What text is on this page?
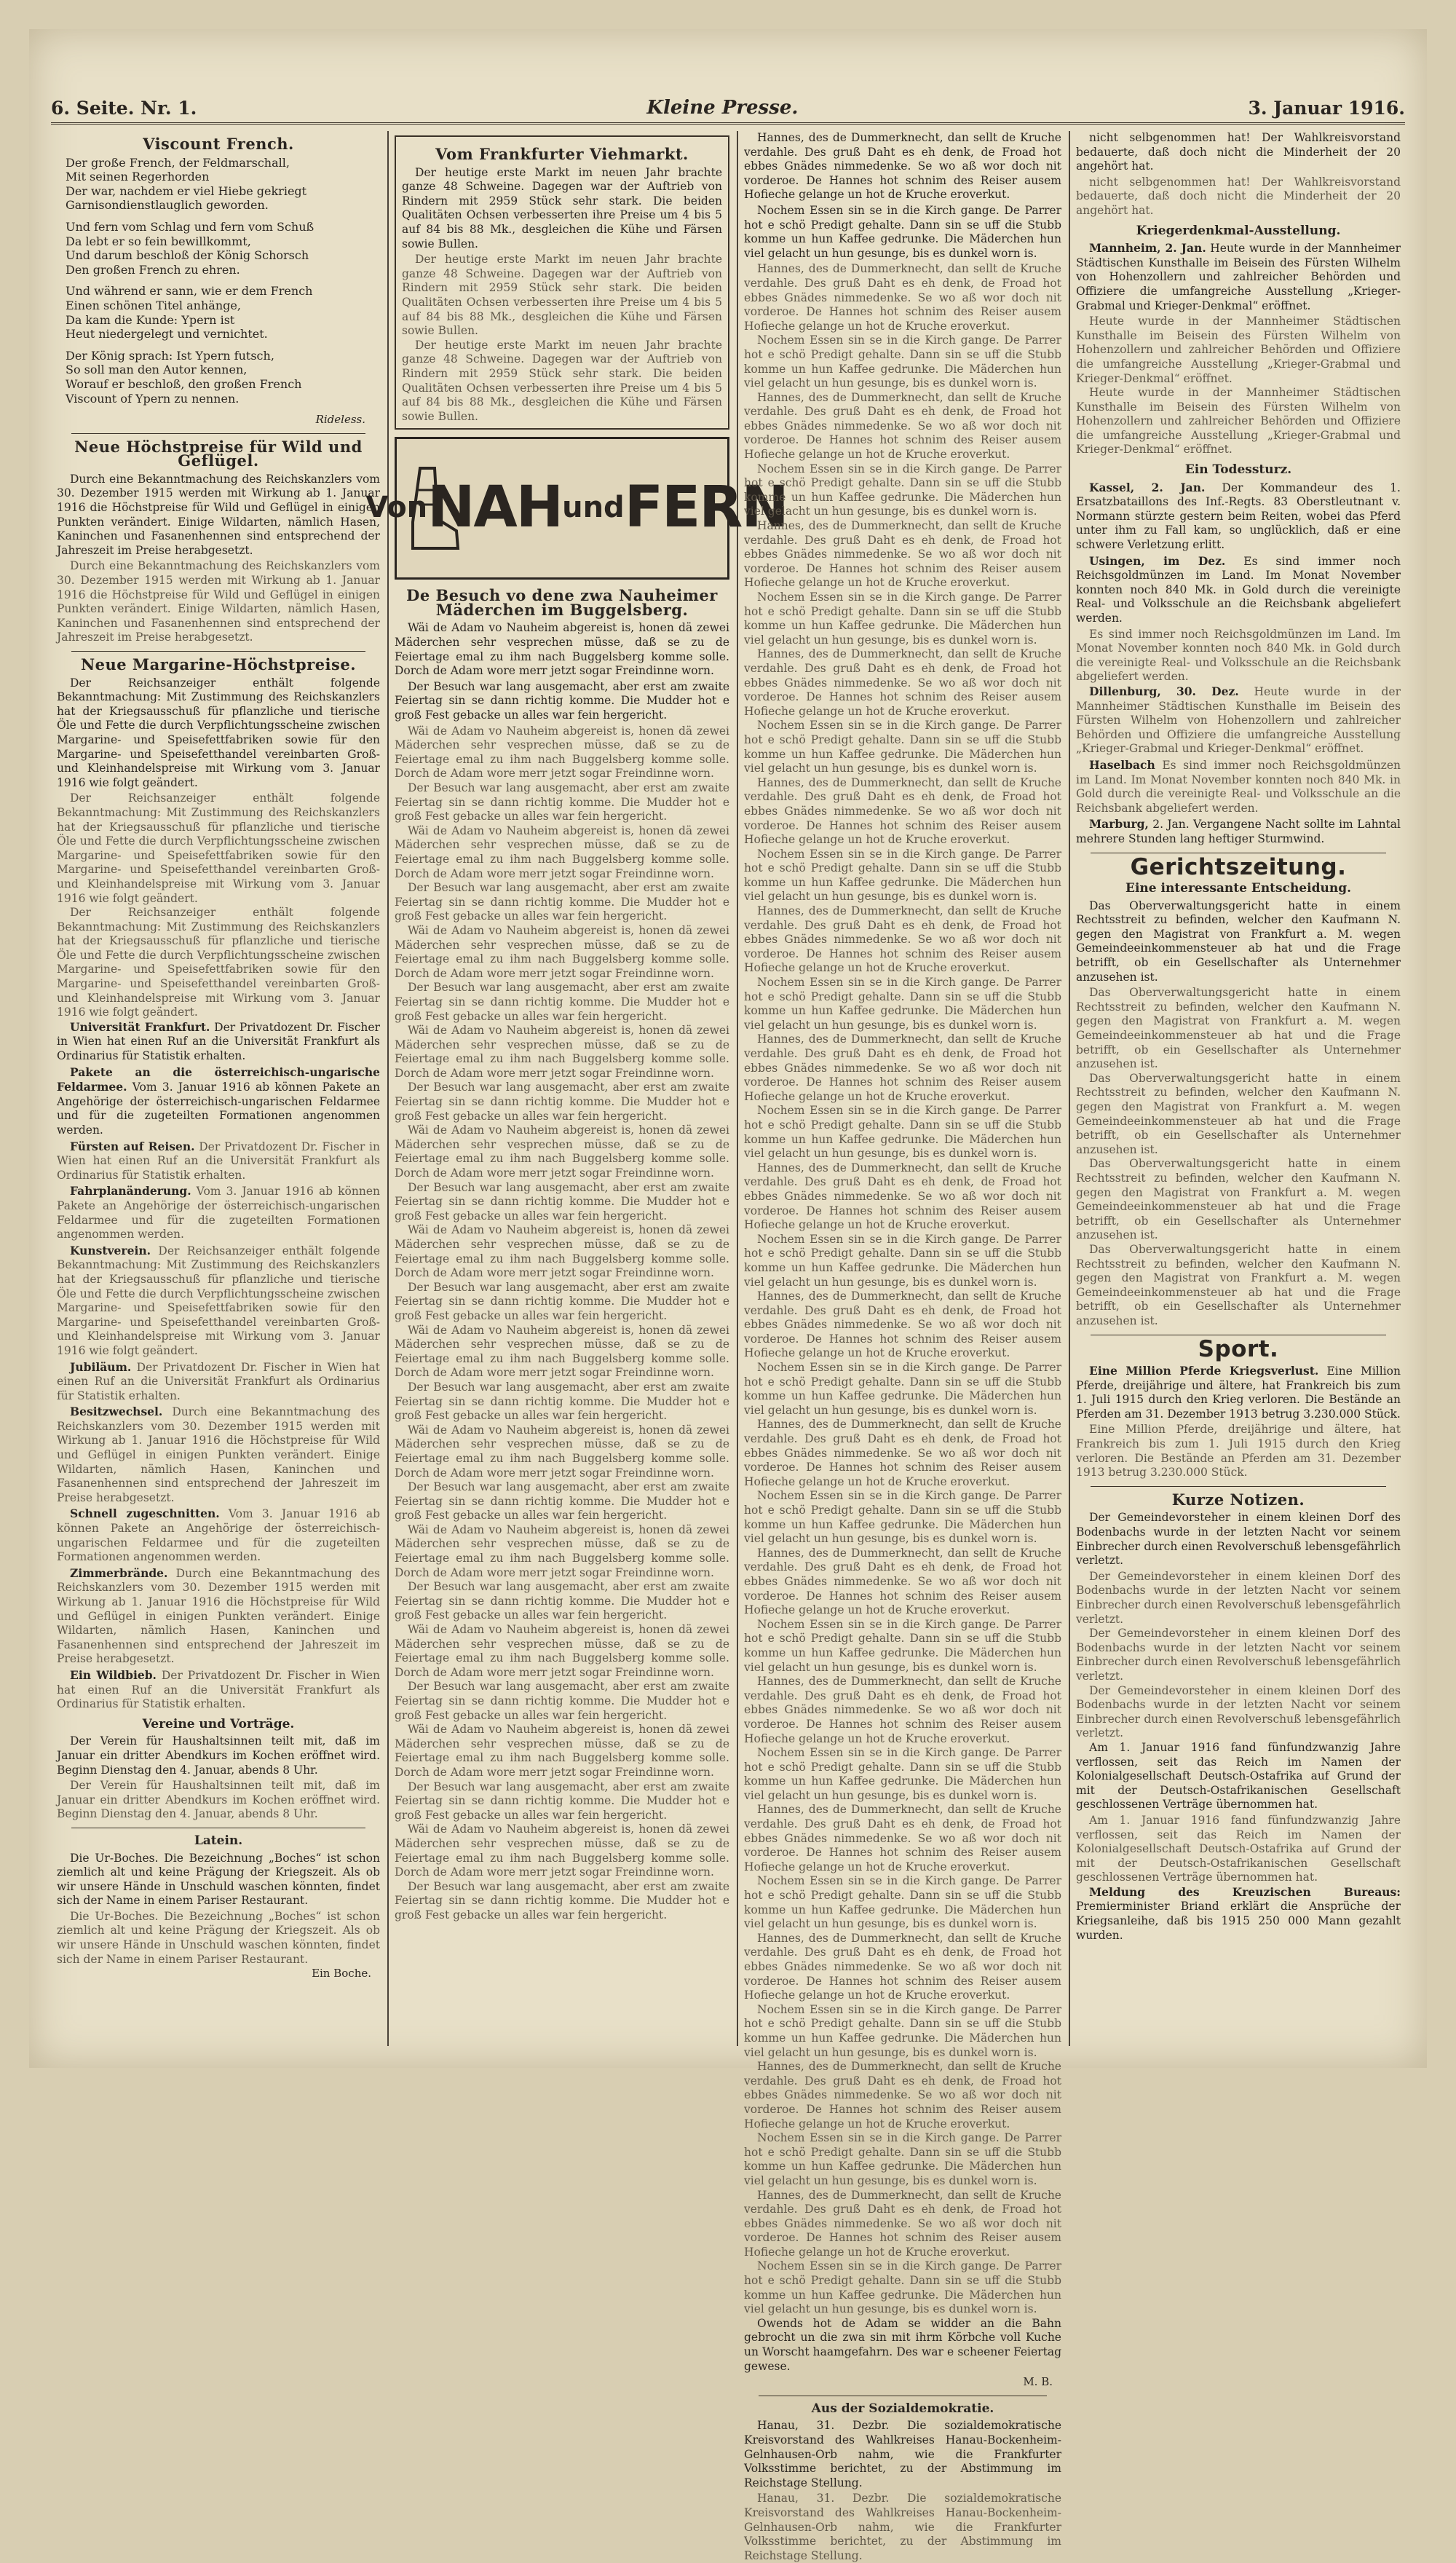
6. Seite. Nr. 1.	Kleine Presse.	3. Januar 1916.
Viscount French.

Der große French, der Feldmarschall,

Mit seinen Regerhorden

Der war, nachdem er viel Hiebe gekriegt

Garnisondienstlauglich geworden.

Und fern vom Schlag und fern vom Schuß

Da lebt er so fein bewillkommt,

Und darum beschloß der König Schorsch

Den großen French zu ehren.

Und während er sann, wie er dem French

Einen schönen Titel anhänge,

Da kam die Kunde: Ypern ist

Heut niedergelegt und vernichtet.

Der König sprach: Ist Ypern futsch,

So soll man den Autor kennen,

Worauf er beschloß, den großen French

Viscount of Ypern zu nennen.

Rideless.
Neue Höchstpreise für Wild und Geflügel.

Durch eine Bekanntmachung des Reichskanzlers vom 30. Dezember 1915 werden mit Wirkung ab 1. Januar 1916 die Höchstpreise für Wild und Geflügel in einigen Punkten verändert. Einige Wildarten, nämlich Hasen, Kaninchen und Fasanenhennen sind entsprechend der Jahreszeit im Preise herabgesetzt.

Durch eine Bekanntmachung des Reichskanzlers vom 30. Dezember 1915 werden mit Wirkung ab 1. Januar 1916 die Höchstpreise für Wild und Geflügel in einigen Punkten verändert. Einige Wildarten, nämlich Hasen, Kaninchen und Fasanenhennen sind entsprechend der Jahreszeit im Preise herabgesetzt.

Neue Margarine-Höchstpreise.

Der Reichsanzeiger enthält folgende Bekanntmachung: Mit Zustimmung des Reichskanzlers hat der Kriegsausschuß für pflanzliche und tierische Öle und Fette die durch Verpflichtungsscheine zwischen Margarine- und Speisefettfabriken sowie für den Margarine- und Speisefetthandel vereinbarten Groß- und Kleinhandelspreise mit Wirkung vom 3. Januar 1916 wie folgt geändert.

Der Reichsanzeiger enthält folgende Bekanntmachung: Mit Zustimmung des Reichskanzlers hat der Kriegsausschuß für pflanzliche und tierische Öle und Fette die durch Verpflichtungsscheine zwischen Margarine- und Speisefettfabriken sowie für den Margarine- und Speisefetthandel vereinbarten Groß- und Kleinhandelspreise mit Wirkung vom 3. Januar 1916 wie folgt geändert.

Der Reichsanzeiger enthält folgende Bekanntmachung: Mit Zustimmung des Reichskanzlers hat der Kriegsausschuß für pflanzliche und tierische Öle und Fette die durch Verpflichtungsscheine zwischen Margarine- und Speisefettfabriken sowie für den Margarine- und Speisefetthandel vereinbarten Groß- und Kleinhandelspreise mit Wirkung vom 3. Januar 1916 wie folgt geändert.

Universität Frankfurt. Der Privatdozent Dr. Fischer in Wien hat einen Ruf an die Universität Frankfurt als Ordinarius für Statistik erhalten.

Pakete an die österreichisch-ungarische Feldarmee. Vom 3. Januar 1916 ab können Pakete an Angehörige der österreichisch-ungarischen Feldarmee und für die zugeteilten Formationen angenommen werden.

Fürsten auf Reisen. Der Privatdozent Dr. Fischer in Wien hat einen Ruf an die Universität Frankfurt als Ordinarius für Statistik erhalten.

Fahrplanänderung. Vom 3. Januar 1916 ab können Pakete an Angehörige der österreichisch-ungarischen Feldarmee und für die zugeteilten Formationen angenommen werden.

Kunstverein. Der Reichsanzeiger enthält folgende Bekanntmachung: Mit Zustimmung des Reichskanzlers hat der Kriegsausschuß für pflanzliche und tierische Öle und Fette die durch Verpflichtungsscheine zwischen Margarine- und Speisefettfabriken sowie für den Margarine- und Speisefetthandel vereinbarten Groß- und Kleinhandelspreise mit Wirkung vom 3. Januar 1916 wie folgt geändert.

Jubiläum. Der Privatdozent Dr. Fischer in Wien hat einen Ruf an die Universität Frankfurt als Ordinarius für Statistik erhalten.

Besitzwechsel. Durch eine Bekanntmachung des Reichskanzlers vom 30. Dezember 1915 werden mit Wirkung ab 1. Januar 1916 die Höchstpreise für Wild und Geflügel in einigen Punkten verändert. Einige Wildarten, nämlich Hasen, Kaninchen und Fasanenhennen sind entsprechend der Jahreszeit im Preise herabgesetzt.

Schnell zugeschnitten. Vom 3. Januar 1916 ab können Pakete an Angehörige der österreichisch-ungarischen Feldarmee und für die zugeteilten Formationen angenommen werden.

Zimmerbrände. Durch eine Bekanntmachung des Reichskanzlers vom 30. Dezember 1915 werden mit Wirkung ab 1. Januar 1916 die Höchstpreise für Wild und Geflügel in einigen Punkten verändert. Einige Wildarten, nämlich Hasen, Kaninchen und Fasanenhennen sind entsprechend der Jahreszeit im Preise herabgesetzt.

Ein Wildbieb. Der Privatdozent Dr. Fischer in Wien hat einen Ruf an die Universität Frankfurt als Ordinarius für Statistik erhalten.

Vereine und Vorträge.

Der Verein für Haushaltsinnen teilt mit, daß im Januar ein dritter Abendkurs im Kochen eröffnet wird. Beginn Dienstag den 4. Januar, abends 8 Uhr.

Der Verein für Haushaltsinnen teilt mit, daß im Januar ein dritter Abendkurs im Kochen eröffnet wird. Beginn Dienstag den 4. Januar, abends 8 Uhr.

Latein.

Die Ur-Boches. Die Bezeichnung „Boches“ ist schon ziemlich alt und keine Prägung der Kriegszeit. Als ob wir unsere Hände in Unschuld waschen könnten, findet sich der Name in einem Pariser Restaurant.

Die Ur-Boches. Die Bezeichnung „Boches“ ist schon ziemlich alt und keine Prägung der Kriegszeit. Als ob wir unsere Hände in Unschuld waschen könnten, findet sich der Name in einem Pariser Restaurant.

Ein Boche.
Vom Frankfurter Viehmarkt.

Der heutige erste Markt im neuen Jahr brachte ganze 48 Schweine. Dagegen war der Auftrieb von Rindern mit 2959 Stück sehr stark. Die beiden Qualitäten Ochsen verbesserten ihre Preise um 4 bis 5 auf 84 bis 88 Mk., desgleichen die Kühe und Färsen sowie Bullen.

Der heutige erste Markt im neuen Jahr brachte ganze 48 Schweine. Dagegen war der Auftrieb von Rindern mit 2959 Stück sehr stark. Die beiden Qualitäten Ochsen verbesserten ihre Preise um 4 bis 5 auf 84 bis 88 Mk., desgleichen die Kühe und Färsen sowie Bullen.

Der heutige erste Markt im neuen Jahr brachte ganze 48 Schweine. Dagegen war der Auftrieb von Rindern mit 2959 Stück sehr stark. Die beiden Qualitäten Ochsen verbesserten ihre Preise um 4 bis 5 auf 84 bis 88 Mk., desgleichen die Kühe und Färsen sowie Bullen.

Von NAH und FERN
De Besuch vo dene zwa Nauheimer Mäderchen im Buggelsberg.

Wäi de Adam vo Nauheim abgereist is, honen dä zewei Mäderchen sehr vesprechen müsse, daß se zu de Feiertage emal zu ihm nach Buggelsberg komme solle. Dorch de Adam wore merr jetzt sogar Freindinne worn.

Der Besuch war lang ausgemacht, aber erst am zwaite Feiertag sin se dann richtig komme. Die Mudder hot e groß Fest gebacke un alles war fein hergericht.

Wäi de Adam vo Nauheim abgereist is, honen dä zewei Mäderchen sehr vesprechen müsse, daß se zu de Feiertage emal zu ihm nach Buggelsberg komme solle. Dorch de Adam wore merr jetzt sogar Freindinne worn.

Der Besuch war lang ausgemacht, aber erst am zwaite Feiertag sin se dann richtig komme. Die Mudder hot e groß Fest gebacke un alles war fein hergericht.

Wäi de Adam vo Nauheim abgereist is, honen dä zewei Mäderchen sehr vesprechen müsse, daß se zu de Feiertage emal zu ihm nach Buggelsberg komme solle. Dorch de Adam wore merr jetzt sogar Freindinne worn.

Der Besuch war lang ausgemacht, aber erst am zwaite Feiertag sin se dann richtig komme. Die Mudder hot e groß Fest gebacke un alles war fein hergericht.

Wäi de Adam vo Nauheim abgereist is, honen dä zewei Mäderchen sehr vesprechen müsse, daß se zu de Feiertage emal zu ihm nach Buggelsberg komme solle. Dorch de Adam wore merr jetzt sogar Freindinne worn.

Der Besuch war lang ausgemacht, aber erst am zwaite Feiertag sin se dann richtig komme. Die Mudder hot e groß Fest gebacke un alles war fein hergericht.

Wäi de Adam vo Nauheim abgereist is, honen dä zewei Mäderchen sehr vesprechen müsse, daß se zu de Feiertage emal zu ihm nach Buggelsberg komme solle. Dorch de Adam wore merr jetzt sogar Freindinne worn.

Der Besuch war lang ausgemacht, aber erst am zwaite Feiertag sin se dann richtig komme. Die Mudder hot e groß Fest gebacke un alles war fein hergericht.

Wäi de Adam vo Nauheim abgereist is, honen dä zewei Mäderchen sehr vesprechen müsse, daß se zu de Feiertage emal zu ihm nach Buggelsberg komme solle. Dorch de Adam wore merr jetzt sogar Freindinne worn.

Der Besuch war lang ausgemacht, aber erst am zwaite Feiertag sin se dann richtig komme. Die Mudder hot e groß Fest gebacke un alles war fein hergericht.

Wäi de Adam vo Nauheim abgereist is, honen dä zewei Mäderchen sehr vesprechen müsse, daß se zu de Feiertage emal zu ihm nach Buggelsberg komme solle. Dorch de Adam wore merr jetzt sogar Freindinne worn.

Der Besuch war lang ausgemacht, aber erst am zwaite Feiertag sin se dann richtig komme. Die Mudder hot e groß Fest gebacke un alles war fein hergericht.

Wäi de Adam vo Nauheim abgereist is, honen dä zewei Mäderchen sehr vesprechen müsse, daß se zu de Feiertage emal zu ihm nach Buggelsberg komme solle. Dorch de Adam wore merr jetzt sogar Freindinne worn.

Der Besuch war lang ausgemacht, aber erst am zwaite Feiertag sin se dann richtig komme. Die Mudder hot e groß Fest gebacke un alles war fein hergericht.

Wäi de Adam vo Nauheim abgereist is, honen dä zewei Mäderchen sehr vesprechen müsse, daß se zu de Feiertage emal zu ihm nach Buggelsberg komme solle. Dorch de Adam wore merr jetzt sogar Freindinne worn.

Der Besuch war lang ausgemacht, aber erst am zwaite Feiertag sin se dann richtig komme. Die Mudder hot e groß Fest gebacke un alles war fein hergericht.

Wäi de Adam vo Nauheim abgereist is, honen dä zewei Mäderchen sehr vesprechen müsse, daß se zu de Feiertage emal zu ihm nach Buggelsberg komme solle. Dorch de Adam wore merr jetzt sogar Freindinne worn.

Der Besuch war lang ausgemacht, aber erst am zwaite Feiertag sin se dann richtig komme. Die Mudder hot e groß Fest gebacke un alles war fein hergericht.

Wäi de Adam vo Nauheim abgereist is, honen dä zewei Mäderchen sehr vesprechen müsse, daß se zu de Feiertage emal zu ihm nach Buggelsberg komme solle. Dorch de Adam wore merr jetzt sogar Freindinne worn.

Der Besuch war lang ausgemacht, aber erst am zwaite Feiertag sin se dann richtig komme. Die Mudder hot e groß Fest gebacke un alles war fein hergericht.

Wäi de Adam vo Nauheim abgereist is, honen dä zewei Mäderchen sehr vesprechen müsse, daß se zu de Feiertage emal zu ihm nach Buggelsberg komme solle. Dorch de Adam wore merr jetzt sogar Freindinne worn.

Der Besuch war lang ausgemacht, aber erst am zwaite Feiertag sin se dann richtig komme. Die Mudder hot e groß Fest gebacke un alles war fein hergericht.

Wäi de Adam vo Nauheim abgereist is, honen dä zewei Mäderchen sehr vesprechen müsse, daß se zu de Feiertage emal zu ihm nach Buggelsberg komme solle. Dorch de Adam wore merr jetzt sogar Freindinne worn.

Der Besuch war lang ausgemacht, aber erst am zwaite Feiertag sin se dann richtig komme. Die Mudder hot e groß Fest gebacke un alles war fein hergericht.

Hannes, des de Dummerknecht, dan sellt de Kruche verdahle. Des gruß Daht es eh denk, de Froad hot ebbes Gnädes nimmedenke. Se wo aß wor doch nit vorderoe. De Hannes hot schnim des Reiser ausem Hofieche gelange un hot de Kruche eroverkut.

Nochem Essen sin se in die Kirch gange. De Parrer hot e schö Predigt gehalte. Dann sin se uff die Stubb komme un hun Kaffee gedrunke. Die Mäderchen hun viel gelacht un hun gesunge, bis es dunkel worn is.

Hannes, des de Dummerknecht, dan sellt de Kruche verdahle. Des gruß Daht es eh denk, de Froad hot ebbes Gnädes nimmedenke. Se wo aß wor doch nit vorderoe. De Hannes hot schnim des Reiser ausem Hofieche gelange un hot de Kruche eroverkut.

Nochem Essen sin se in die Kirch gange. De Parrer hot e schö Predigt gehalte. Dann sin se uff die Stubb komme un hun Kaffee gedrunke. Die Mäderchen hun viel gelacht un hun gesunge, bis es dunkel worn is.

Hannes, des de Dummerknecht, dan sellt de Kruche verdahle. Des gruß Daht es eh denk, de Froad hot ebbes Gnädes nimmedenke. Se wo aß wor doch nit vorderoe. De Hannes hot schnim des Reiser ausem Hofieche gelange un hot de Kruche eroverkut.

Nochem Essen sin se in die Kirch gange. De Parrer hot e schö Predigt gehalte. Dann sin se uff die Stubb komme un hun Kaffee gedrunke. Die Mäderchen hun viel gelacht un hun gesunge, bis es dunkel worn is.

Hannes, des de Dummerknecht, dan sellt de Kruche verdahle. Des gruß Daht es eh denk, de Froad hot ebbes Gnädes nimmedenke. Se wo aß wor doch nit vorderoe. De Hannes hot schnim des Reiser ausem Hofieche gelange un hot de Kruche eroverkut.

Nochem Essen sin se in die Kirch gange. De Parrer hot e schö Predigt gehalte. Dann sin se uff die Stubb komme un hun Kaffee gedrunke. Die Mäderchen hun viel gelacht un hun gesunge, bis es dunkel worn is.

Hannes, des de Dummerknecht, dan sellt de Kruche verdahle. Des gruß Daht es eh denk, de Froad hot ebbes Gnädes nimmedenke. Se wo aß wor doch nit vorderoe. De Hannes hot schnim des Reiser ausem Hofieche gelange un hot de Kruche eroverkut.

Nochem Essen sin se in die Kirch gange. De Parrer hot e schö Predigt gehalte. Dann sin se uff die Stubb komme un hun Kaffee gedrunke. Die Mäderchen hun viel gelacht un hun gesunge, bis es dunkel worn is.

Hannes, des de Dummerknecht, dan sellt de Kruche verdahle. Des gruß Daht es eh denk, de Froad hot ebbes Gnädes nimmedenke. Se wo aß wor doch nit vorderoe. De Hannes hot schnim des Reiser ausem Hofieche gelange un hot de Kruche eroverkut.

Nochem Essen sin se in die Kirch gange. De Parrer hot e schö Predigt gehalte. Dann sin se uff die Stubb komme un hun Kaffee gedrunke. Die Mäderchen hun viel gelacht un hun gesunge, bis es dunkel worn is.

Hannes, des de Dummerknecht, dan sellt de Kruche verdahle. Des gruß Daht es eh denk, de Froad hot ebbes Gnädes nimmedenke. Se wo aß wor doch nit vorderoe. De Hannes hot schnim des Reiser ausem Hofieche gelange un hot de Kruche eroverkut.

Nochem Essen sin se in die Kirch gange. De Parrer hot e schö Predigt gehalte. Dann sin se uff die Stubb komme un hun Kaffee gedrunke. Die Mäderchen hun viel gelacht un hun gesunge, bis es dunkel worn is.

Hannes, des de Dummerknecht, dan sellt de Kruche verdahle. Des gruß Daht es eh denk, de Froad hot ebbes Gnädes nimmedenke. Se wo aß wor doch nit vorderoe. De Hannes hot schnim des Reiser ausem Hofieche gelange un hot de Kruche eroverkut.

Nochem Essen sin se in die Kirch gange. De Parrer hot e schö Predigt gehalte. Dann sin se uff die Stubb komme un hun Kaffee gedrunke. Die Mäderchen hun viel gelacht un hun gesunge, bis es dunkel worn is.

Hannes, des de Dummerknecht, dan sellt de Kruche verdahle. Des gruß Daht es eh denk, de Froad hot ebbes Gnädes nimmedenke. Se wo aß wor doch nit vorderoe. De Hannes hot schnim des Reiser ausem Hofieche gelange un hot de Kruche eroverkut.

Nochem Essen sin se in die Kirch gange. De Parrer hot e schö Predigt gehalte. Dann sin se uff die Stubb komme un hun Kaffee gedrunke. Die Mäderchen hun viel gelacht un hun gesunge, bis es dunkel worn is.

Hannes, des de Dummerknecht, dan sellt de Kruche verdahle. Des gruß Daht es eh denk, de Froad hot ebbes Gnädes nimmedenke. Se wo aß wor doch nit vorderoe. De Hannes hot schnim des Reiser ausem Hofieche gelange un hot de Kruche eroverkut.

Nochem Essen sin se in die Kirch gange. De Parrer hot e schö Predigt gehalte. Dann sin se uff die Stubb komme un hun Kaffee gedrunke. Die Mäderchen hun viel gelacht un hun gesunge, bis es dunkel worn is.

Hannes, des de Dummerknecht, dan sellt de Kruche verdahle. Des gruß Daht es eh denk, de Froad hot ebbes Gnädes nimmedenke. Se wo aß wor doch nit vorderoe. De Hannes hot schnim des Reiser ausem Hofieche gelange un hot de Kruche eroverkut.

Nochem Essen sin se in die Kirch gange. De Parrer hot e schö Predigt gehalte. Dann sin se uff die Stubb komme un hun Kaffee gedrunke. Die Mäderchen hun viel gelacht un hun gesunge, bis es dunkel worn is.

Hannes, des de Dummerknecht, dan sellt de Kruche verdahle. Des gruß Daht es eh denk, de Froad hot ebbes Gnädes nimmedenke. Se wo aß wor doch nit vorderoe. De Hannes hot schnim des Reiser ausem Hofieche gelange un hot de Kruche eroverkut.

Nochem Essen sin se in die Kirch gange. De Parrer hot e schö Predigt gehalte. Dann sin se uff die Stubb komme un hun Kaffee gedrunke. Die Mäderchen hun viel gelacht un hun gesunge, bis es dunkel worn is.

Hannes, des de Dummerknecht, dan sellt de Kruche verdahle. Des gruß Daht es eh denk, de Froad hot ebbes Gnädes nimmedenke. Se wo aß wor doch nit vorderoe. De Hannes hot schnim des Reiser ausem Hofieche gelange un hot de Kruche eroverkut.

Nochem Essen sin se in die Kirch gange. De Parrer hot e schö Predigt gehalte. Dann sin se uff die Stubb komme un hun Kaffee gedrunke. Die Mäderchen hun viel gelacht un hun gesunge, bis es dunkel worn is.

Hannes, des de Dummerknecht, dan sellt de Kruche verdahle. Des gruß Daht es eh denk, de Froad hot ebbes Gnädes nimmedenke. Se wo aß wor doch nit vorderoe. De Hannes hot schnim des Reiser ausem Hofieche gelange un hot de Kruche eroverkut.

Nochem Essen sin se in die Kirch gange. De Parrer hot e schö Predigt gehalte. Dann sin se uff die Stubb komme un hun Kaffee gedrunke. Die Mäderchen hun viel gelacht un hun gesunge, bis es dunkel worn is.

Hannes, des de Dummerknecht, dan sellt de Kruche verdahle. Des gruß Daht es eh denk, de Froad hot ebbes Gnädes nimmedenke. Se wo aß wor doch nit vorderoe. De Hannes hot schnim des Reiser ausem Hofieche gelange un hot de Kruche eroverkut.

Nochem Essen sin se in die Kirch gange. De Parrer hot e schö Predigt gehalte. Dann sin se uff die Stubb komme un hun Kaffee gedrunke. Die Mäderchen hun viel gelacht un hun gesunge, bis es dunkel worn is.

Hannes, des de Dummerknecht, dan sellt de Kruche verdahle. Des gruß Daht es eh denk, de Froad hot ebbes Gnädes nimmedenke. Se wo aß wor doch nit vorderoe. De Hannes hot schnim des Reiser ausem Hofieche gelange un hot de Kruche eroverkut.

Nochem Essen sin se in die Kirch gange. De Parrer hot e schö Predigt gehalte. Dann sin se uff die Stubb komme un hun Kaffee gedrunke. Die Mäderchen hun viel gelacht un hun gesunge, bis es dunkel worn is.

Hannes, des de Dummerknecht, dan sellt de Kruche verdahle. Des gruß Daht es eh denk, de Froad hot ebbes Gnädes nimmedenke. Se wo aß wor doch nit vorderoe. De Hannes hot schnim des Reiser ausem Hofieche gelange un hot de Kruche eroverkut.

Nochem Essen sin se in die Kirch gange. De Parrer hot e schö Predigt gehalte. Dann sin se uff die Stubb komme un hun Kaffee gedrunke. Die Mäderchen hun viel gelacht un hun gesunge, bis es dunkel worn is.

Owends hot de Adam se widder an die Bahn gebrocht un die zwa sin mit ihrm Körbche voll Kuche un Worscht haamgefahrn. Des war e scheener Feiertag gewese.

M. B.
Aus der Sozialdemokratie.

Hanau, 31. Dezbr. Die sozialdemokratische Kreisvorstand des Wahlkreises Hanau-Bockenheim-Gelnhausen-Orb nahm, wie die Frankfurter Volksstimme berichtet, zu der Abstimmung im Reichstage Stellung.

Hanau, 31. Dezbr. Die sozialdemokratische Kreisvorstand des Wahlkreises Hanau-Bockenheim-Gelnhausen-Orb nahm, wie die Frankfurter Volksstimme berichtet, zu der Abstimmung im Reichstage Stellung.

nicht selbgenommen hat! Der Wahlkreisvorstand bedauerte, daß doch nicht die Minderheit der 20 angehört hat.

nicht selbgenommen hat! Der Wahlkreisvorstand bedauerte, daß doch nicht die Minderheit der 20 angehört hat.

Kriegerdenkmal-Ausstellung.

Mannheim, 2. Jan. Heute wurde in der Mannheimer Städtischen Kunsthalle im Beisein des Fürsten Wilhelm von Hohenzollern und zahlreicher Behörden und Offiziere die umfangreiche Ausstellung „Krieger-Grabmal und Krieger-Denkmal“ eröffnet.

Heute wurde in der Mannheimer Städtischen Kunsthalle im Beisein des Fürsten Wilhelm von Hohenzollern und zahlreicher Behörden und Offiziere die umfangreiche Ausstellung „Krieger-Grabmal und Krieger-Denkmal“ eröffnet.

Heute wurde in der Mannheimer Städtischen Kunsthalle im Beisein des Fürsten Wilhelm von Hohenzollern und zahlreicher Behörden und Offiziere die umfangreiche Ausstellung „Krieger-Grabmal und Krieger-Denkmal“ eröffnet.

Ein Todessturz.

Kassel, 2. Jan. Der Kommandeur des 1. Ersatzbataillons des Inf.-Regts. 83 Oberstleutnant v. Normann stürzte gestern beim Reiten, wobei das Pferd unter ihm zu Fall kam, so unglücklich, daß er eine schwere Verletzung erlitt.

Usingen, im Dez. Es sind immer noch Reichsgoldmünzen im Land. Im Monat November konnten noch 840 Mk. in Gold durch die vereinigte Real- und Volksschule an die Reichsbank abgeliefert werden.

Es sind immer noch Reichsgoldmünzen im Land. Im Monat November konnten noch 840 Mk. in Gold durch die vereinigte Real- und Volksschule an die Reichsbank abgeliefert werden.

Dillenburg, 30. Dez. Heute wurde in der Mannheimer Städtischen Kunsthalle im Beisein des Fürsten Wilhelm von Hohenzollern und zahlreicher Behörden und Offiziere die umfangreiche Ausstellung „Krieger-Grabmal und Krieger-Denkmal“ eröffnet.

Haselbach Es sind immer noch Reichsgoldmünzen im Land. Im Monat November konnten noch 840 Mk. in Gold durch die vereinigte Real- und Volksschule an die Reichsbank abgeliefert werden.

Marburg, 2. Jan. Vergangene Nacht sollte im Lahntal mehrere Stunden lang heftiger Sturmwind.

Gerichtszeitung.
Eine interessante Entscheidung.

Das Oberverwaltungsgericht hatte in einem Rechtsstreit zu befinden, welcher den Kaufmann N. gegen den Magistrat von Frankfurt a. M. wegen Gemeindeeinkommensteuer ab hat und die Frage betrifft, ob ein Gesellschafter als Unternehmer anzusehen ist.

Das Oberverwaltungsgericht hatte in einem Rechtsstreit zu befinden, welcher den Kaufmann N. gegen den Magistrat von Frankfurt a. M. wegen Gemeindeeinkommensteuer ab hat und die Frage betrifft, ob ein Gesellschafter als Unternehmer anzusehen ist.

Das Oberverwaltungsgericht hatte in einem Rechtsstreit zu befinden, welcher den Kaufmann N. gegen den Magistrat von Frankfurt a. M. wegen Gemeindeeinkommensteuer ab hat und die Frage betrifft, ob ein Gesellschafter als Unternehmer anzusehen ist.

Das Oberverwaltungsgericht hatte in einem Rechtsstreit zu befinden, welcher den Kaufmann N. gegen den Magistrat von Frankfurt a. M. wegen Gemeindeeinkommensteuer ab hat und die Frage betrifft, ob ein Gesellschafter als Unternehmer anzusehen ist.

Das Oberverwaltungsgericht hatte in einem Rechtsstreit zu befinden, welcher den Kaufmann N. gegen den Magistrat von Frankfurt a. M. wegen Gemeindeeinkommensteuer ab hat und die Frage betrifft, ob ein Gesellschafter als Unternehmer anzusehen ist.

Sport.

Eine Million Pferde Kriegsverlust. Eine Million Pferde, dreijährige und ältere, hat Frankreich bis zum 1. Juli 1915 durch den Krieg verloren. Die Bestände an Pferden am 31. Dezember 1913 betrug 3.230.000 Stück.

Eine Million Pferde, dreijährige und ältere, hat Frankreich bis zum 1. Juli 1915 durch den Krieg verloren. Die Bestände an Pferden am 31. Dezember 1913 betrug 3.230.000 Stück.

Kurze Notizen.

Der Gemeindevorsteher in einem kleinen Dorf des Bodenbachs wurde in der letzten Nacht vor seinem Einbrecher durch einen Revolverschuß lebensgefährlich verletzt.

Der Gemeindevorsteher in einem kleinen Dorf des Bodenbachs wurde in der letzten Nacht vor seinem Einbrecher durch einen Revolverschuß lebensgefährlich verletzt.

Der Gemeindevorsteher in einem kleinen Dorf des Bodenbachs wurde in der letzten Nacht vor seinem Einbrecher durch einen Revolverschuß lebensgefährlich verletzt.

Der Gemeindevorsteher in einem kleinen Dorf des Bodenbachs wurde in der letzten Nacht vor seinem Einbrecher durch einen Revolverschuß lebensgefährlich verletzt.

Am 1. Januar 1916 fand fünfundzwanzig Jahre verflossen, seit das Reich im Namen der Kolonialgesellschaft Deutsch-Ostafrika auf Grund der mit der Deutsch-Ostafrikanischen Gesellschaft geschlossenen Verträge übernommen hat.

Am 1. Januar 1916 fand fünfundzwanzig Jahre verflossen, seit das Reich im Namen der Kolonialgesellschaft Deutsch-Ostafrika auf Grund der mit der Deutsch-Ostafrikanischen Gesellschaft geschlossenen Verträge übernommen hat.

Meldung des Kreuzischen Bureaus: Premierminister Briand erklärt die Ansprüche der Kriegsanleihe, daß bis 1915 250 000 Mann gezahlt wurden.
